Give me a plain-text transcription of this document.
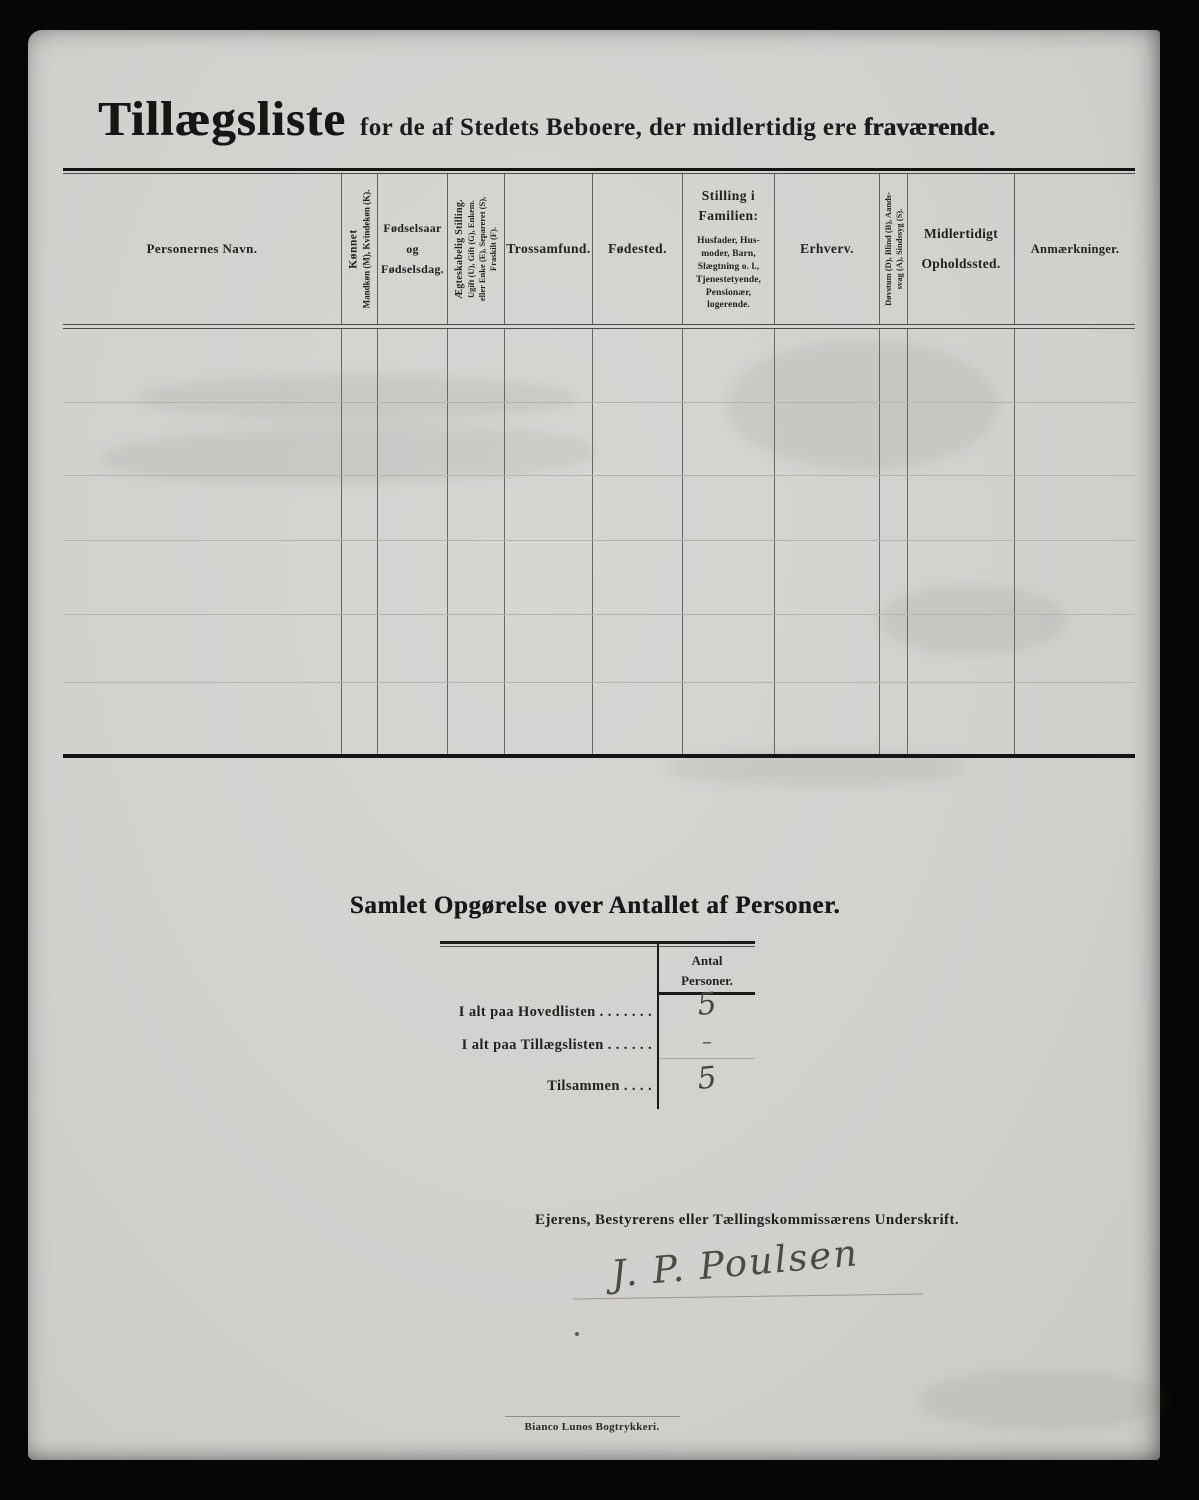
Tillægsliste for de af Stedets Beboere, der midlertidig ere fraværende.
Personernes Navn.	Kønnet Mandkøn (M), Kvindekøn (K). Fødselsaar
og
Fødselsdag. Ægteskabelig Stilling. Ugift (U), Gift (G), Enkem. eller Enke (E), Separeret (S), Fraskilt (F). Trossamfund. Fødested.
Stilling i
Familien:
Husfader, Hus-
moder, Barn,
Slægtning o. l.,
Tjenestetyende,
Pensionær,
logerende.
Erhverv.	Døvstum (D), Blind (B), Aands- svag (A), Sindssyg (S). Midlertidigt
Opholdssted.
Anmærkninger.
Samlet Opgørelse over Antallet af Personer.
Antal
Personer.
I alt paa Hovedlisten . . . . . . .
I alt paa Tillægslisten . . . . . .
Tilsammen . . . .
5
–
5
Ejerens, Bestyrerens eller Tællingskommissærens Underskrift.
J. P. Poulsen
Bianco Lunos Bogtrykkeri.
